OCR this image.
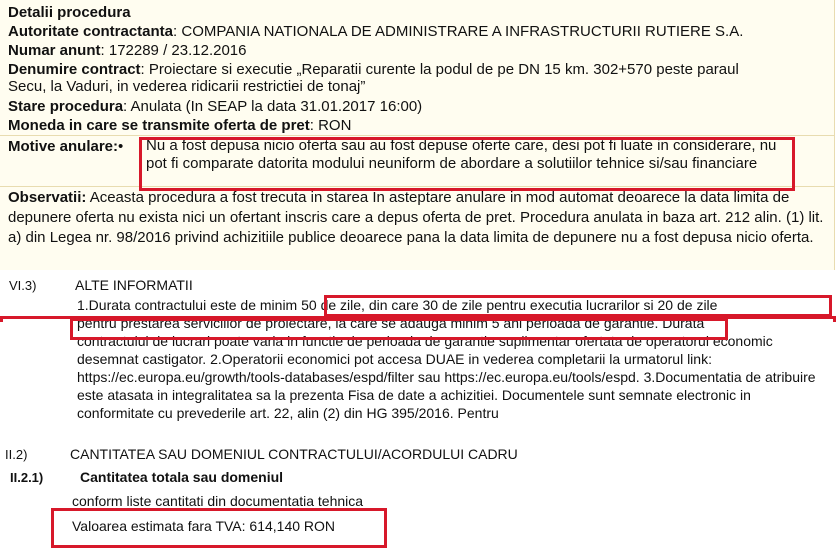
Detalii procedura
Autoritate contractanta: COMPANIA NATIONALA DE ADMINISTRARE A INFRASTRUCTURII RUTIERE S.A.
Numar anunt: 172289 / 23.12.2016
Denumire contract: Proiectare si executie „Reparatii curente la podul de pe DN 15 km. 302+570 peste paraul
Secu, la Vaduri, in vederea ridicarii restrictiei de tonaj”
Stare procedura: Anulata (In SEAP la data 31.01.2017 16:00)
Moneda in care se transmite oferta de pret: RON
Motive anulare:• Nu a fost depusa nicio oferta sau au fost depuse oferte care, desi pot fi luate in considerare, nu pot fi comparate datorita modului neuniform de abordare a solutiilor tehnice si/sau financiare
Observatii: Aceasta procedura a fost trecuta in starea In asteptare anulare in mod automat deoarece la data limita de depunere oferta nu exista nici un ofertant inscris care a depus oferta de pret. Procedura anulata in baza art. 212 alin. (1) lit. a) din Legea nr. 98/2016 privind achizitiile publice deoarece pana la data limita de depunere nu a fost depusa nicio oferta.
VI.3)	ALTE INFORMATII
1.Durata contractului este de minim 50 de zile, din care 30 de zile pentru executia lucrarilor si 20 de zile
pentru prestarea serviciilor de proiectare, la care se adauga minim 5 ani perioada de garantie. Durata
contractului de lucrari poate varia in functie de perioada de garantie suplimentar ofertata de operatorul economic desemnat castigator. 2.Operatorii economici pot accesa DUAE in vederea completarii la urmatorul link: https://ec.europa.eu/growth/tools-databases/espd/filter sau https://ec.europa.eu/tools/espd. 3.Documentatia de atribuire este atasata in integralitatea sa la prezenta Fisa de date a achizitiei. Documentele sunt semnate electronic in conformitate cu prevederile art. 22, alin (2) din HG 395/2016. Pentru
II.2)	CANTITATEA SAU DOMENIUL CONTRACTULUI/ACORDULUI CADRU
II.2.1)	Cantitatea totala sau domeniul
conform liste cantitati din documentatia tehnica
Valoarea estimata fara TVA: 614,140 RON
